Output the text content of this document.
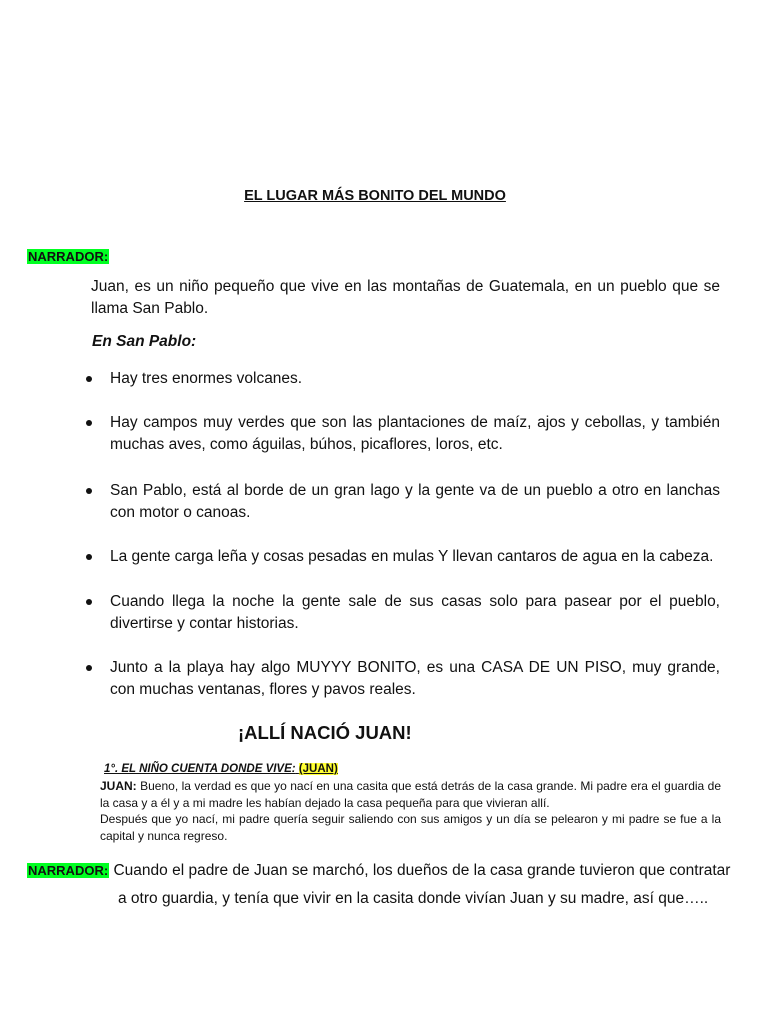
EL LUGAR MÁS BONITO DEL MUNDO
NARRADOR:
Juan, es un niño pequeño que vive en las montañas de Guatemala, en un pueblo que se llama San Pablo.
En San Pablo:
Hay tres enormes volcanes.
Hay campos muy verdes que son las plantaciones de maíz, ajos y cebollas, y también muchas aves, como águilas, búhos, picaflores, loros, etc.
San Pablo, está al borde de un gran lago y la gente va de un pueblo a otro en lanchas con motor o canoas.
La gente carga leña y cosas pesadas en mulas Y llevan cantaros de agua en la cabeza.
Cuando llega la noche la gente sale de sus casas solo para pasear por el pueblo, divertirse y contar historias.
Junto a la playa hay algo MUYYY BONITO, es una CASA DE UN PISO, muy grande, con muchas ventanas, flores y pavos reales.
¡ALLÍ NACIÓ JUAN!
1°. EL NIÑO CUENTA DONDE VIVE: (JUAN)
JUAN: Bueno, la verdad es que yo nací en una casita que está detrás de la casa grande. Mi padre era el guardia de la casa y a él y a mi madre les habían dejado la casa pequeña para que vivieran allí.
Después que yo nací, mi padre quería seguir saliendo con sus amigos y un día se pelearon y mi padre se fue a la capital y nunca regreso.
NARRADOR: Cuando el padre de Juan se marchó, los dueños de la casa grande tuvieron que contratar
a otro guardia, y tenía que vivir en la casita donde vivían Juan y su madre, así que…..
